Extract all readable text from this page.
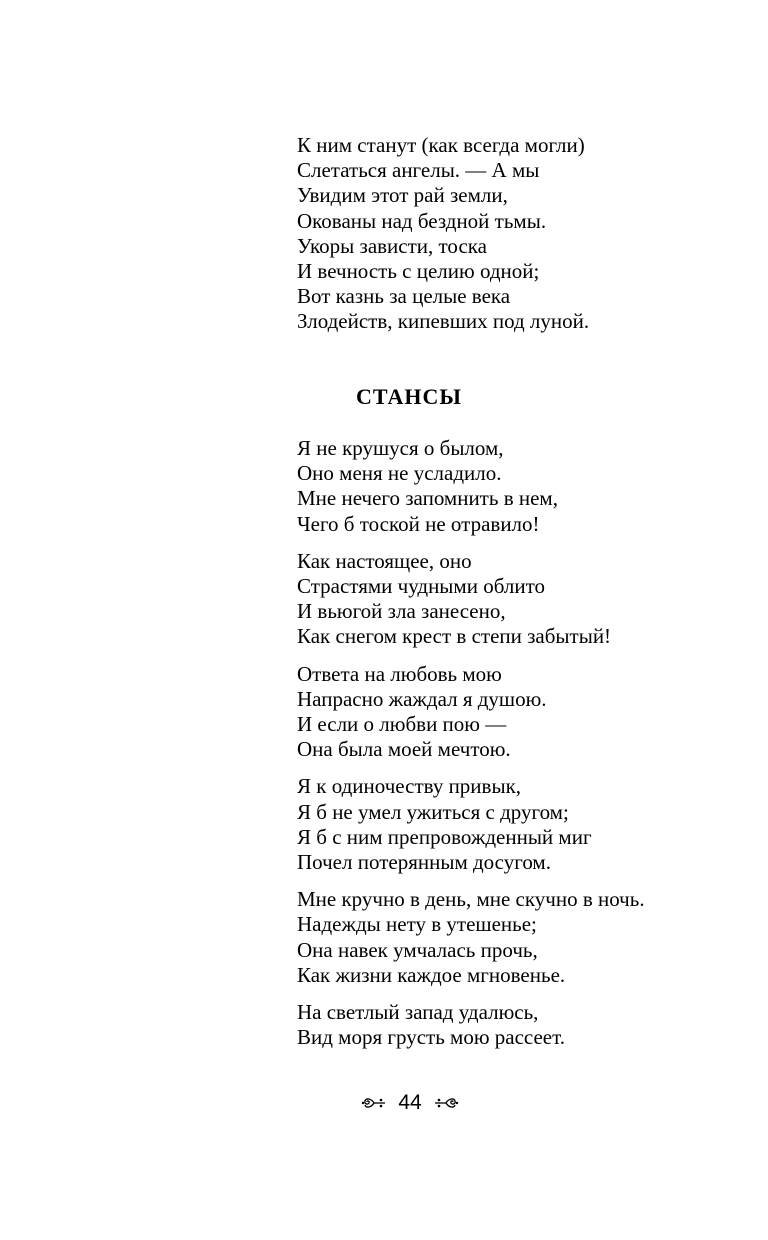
К ним станут (как всегда могли)
Слетаться ангелы. — А мы
Увидим этот рай земли,
Окованы над бездной тьмы.
Укоры зависти, тоска
И вечность с целию одной;
Вот казнь за целые века
Злодейств, кипевших под луной.
СТАНСЫ
Я не крушуся о былом,
Оно меня не усладило.
Мне нечего запомнить в нем,
Чего б тоской не отравило!
Как настоящее, оно
Страстями чудными облито
И вьюгой зла занесено,
Как снегом крест в степи забытый!
Ответа на любовь мою
Напрасно жаждал я душою.
И если о любви пою —
Она была моей мечтою.
Я к одиночеству привык,
Я б не умел ужиться с другом;
Я б с ним препровожденный миг
Почел потерянным досугом.
Мне кручно в день, мне скучно в ночь.
Надежды нету в утешенье;
Она навек умчалась прочь,
Как жизни каждое мгновенье.
На светлый запад удалюсь,
Вид моря грусть мою рассеет.
44
